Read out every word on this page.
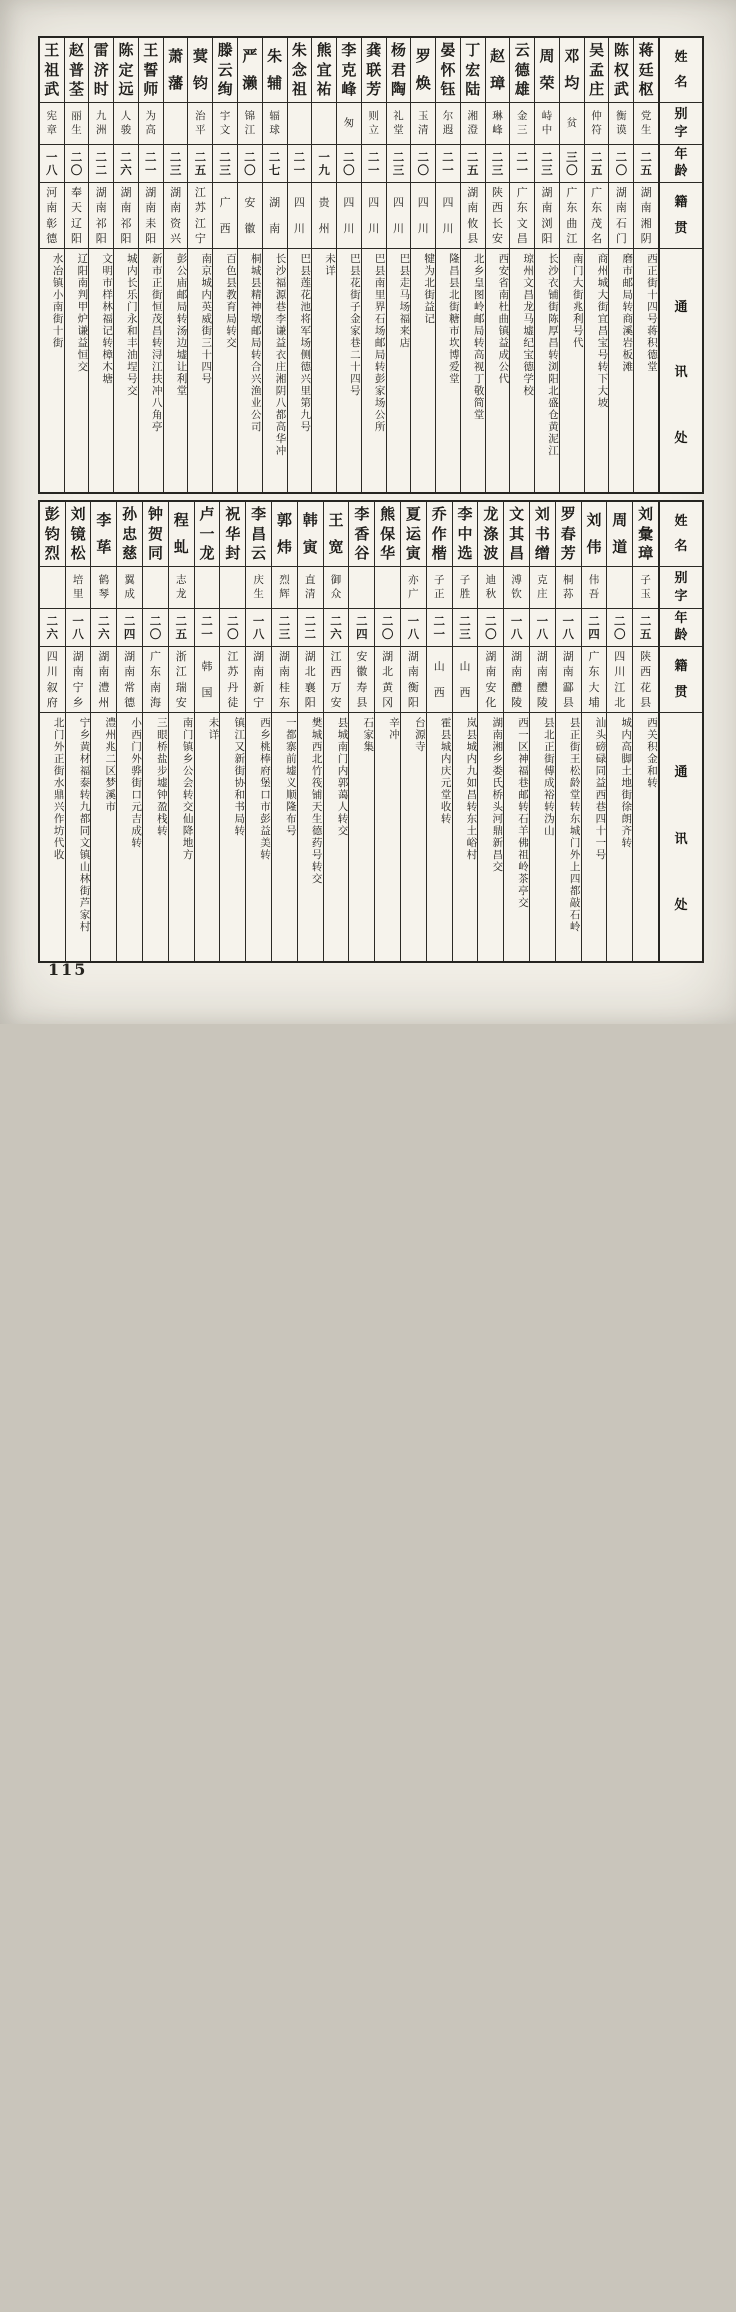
姓
名
别
字
年
龄
籍
贯
通
讯
处
蒋
廷
枢
党
生
二
五
湖
南
湘
阴
西正街十四号蒋积德堂
陈
权
武
衡
谟
二
〇
湖
南
石
门
磨市邮局转商溪岩板滩
吴
孟
庄
仲
符
二
五
广
东
茂
名
商州城大街宜昌宝号转下大坡
邓
均
贫
三
〇
广
东
曲
江
南门大街兆利号代
周
荣
峙
中
二
三
湖
南
浏
阳
长沙衣铺街陈厚昌转浏阳北盛仓黄泥江
云
德
雄
金
三
二
一
广
东
文
昌
琼州文昌龙马墟纪宝德学校
赵
璋
琳
峰
二
三
陕
西
长
安
西安省南杜曲镇益成公代
丁
宏
陆
湘
澄
二
五
湖
南
攸
县
北乡皇图岭邮局转高视丁敬简堂
晏
怀
钰
尔
遐
二
一
四
川
隆昌县北街糖市坎博爱堂
罗
焕
玉
清
二
〇
四
川
犍为北街益记
杨
君
陶
礼
堂
二
三
四
川
巴县走马场福来店
龚
联
芳
则
立
二
一
四
川
巴县南里界石场邮局转彭家场公所
李
克
峰
匆
二
〇
四
川
巴县花街子金家巷二十四号
熊
宜
祐
一
九
贵
州
未详
朱
念
祖
二
一
四
川
巴县莲花池将军场侧德兴里第九号
朱
辅
辐
球
二
七
湖
南
长沙福源巷李谦益衣庄湘阴八都高华冲
严
濑
锦
江
二
〇
安
徽
桐城县精神墩邮局转合兴渔业公司
滕
云
绚
宇
文
二
三
广
西
百色县教育局转交
蓂
钧
治
平
二
五
江
苏
江
宁
南京城内英威街三十四号
萧
藩
二
三
湖
南
资
兴
彭公庙邮局转汤边墟让利堂
王
誓
师
为
高
二
一
湖
南
耒
阳
新市正街恒茂昌转浔江扶冲八角亭
陈
定
远
人
骏
二
六
湖
南
祁
阳
城内长乐门永和丰油埕号交
雷
济
时
九
洲
二
二
湖
南
祁
阳
文明市样林福记转樟木塘
赵
普
荃
丽
生
二
〇
奉
天
辽
阳
辽阳南判甲炉谦益恒交
王
祖
武
宪
章
一
八
河
南
彰
德
水冶镇小南街十街
姓
名
别
字
年
龄
籍
贯
通
讯
处
刘
彙
璋
子
玉
二
五
陕
西
花
县
西关积金和转
周
道
二
〇
四
川
江
北
城内高脚土地街徐朗齐转
刘
伟
伟
吾
二
四
广
东
大
埔
汕头磅碌同益西巷四十一号
罗
春
芳
桐
荪
一
八
湖
南
酃
县
县正街王松龄堂转东城门外上四都敲石岭
刘
书
缯
克
庄
一
八
湖
南
醴
陵
县北正街傅成裕转沩山
文
其
昌
溥
钦
一
八
湖
南
醴
陵
西一区神福巷邮转石羊佛祖岭茶亭交
龙
涤
波
迪
秋
二
〇
湖
南
安
化
湖南湘乡娄氏桥头河鼎新昌交
李
中
选
子
胜
二
三
山
西
岚县城内九如昌转东土峪村
乔
作
楷
子
正
二
一
山
西
霍县城内庆元堂收转
夏
运
寅
亦
广
一
八
湖
南
衡
阳
台源寺
熊
保
华
二
〇
湖
北
黄
冈
辛冲
李
香
谷
二
四
安
徽
寿
县
石家集
王
宽
御
众
二
六
江
西
万
安
县城南门内郭蔼人转交
韩
寅
直
清
二
二
湖
北
襄
阳
樊城西北竹筏铺天生德药号转交
郭
炜
烈
辉
二
三
湖
南
桂
东
一都寨前墟义顺隆布号
李
昌
云
庆
生
一
八
湖
南
新
宁
西乡桃棒府堡口市彭益美转
祝
华
封
二
〇
江
苏
丹
徒
镇江又新街协和书局转
卢
一
龙
二
一
韩
国
未详
程
虬
志
龙
二
五
浙
江
瑞
安
南门镇乡公会转交仙降地方
钟
贺
同
二
〇
广
东
南
海
三眼桥盐步墟钟盈栈转
孙
忠
慈
翼
成
二
四
湖
南
常
德
小西门外骅街口元吉成转
李
荜
鹤
琴
二
六
湖
南
澧
州
澧州兆二区梦溪市
刘
镜
松
培
里
一
八
湖
南
宁
乡
宁乡黄材福泰转九都同文镇山林街芦家村
彭
钧
烈
二
六
四
川
叙
府
北门外正街水鼎兴作坊代收
115
